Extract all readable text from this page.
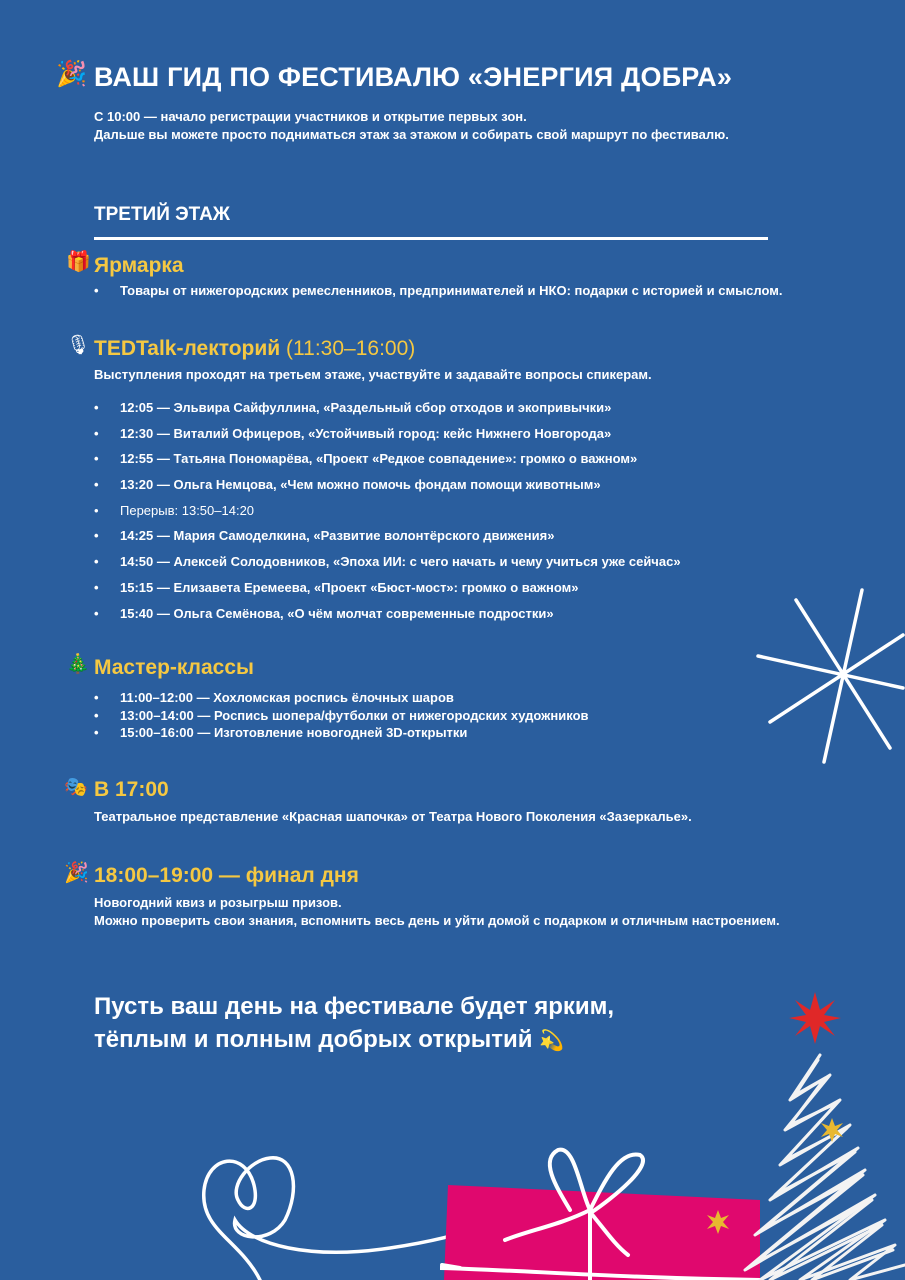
🎉 ВАШ ГИД ПО ФЕСТИВАЛЮ «ЭНЕРГИЯ ДОБРА»
С 10:00 — начало регистрации участников и открытие первых зон.
Дальше вы можете просто подниматься этаж за этажом и собирать свой маршрут по фестивалю.
ТРЕТИЙ ЭТАЖ
🎁 Ярмарка
• Товары от нижегородских ремесленников, предпринимателей и НКО: подарки с историей и смыслом.
🎙 TEDTalk-лекторий (11:30–16:00)
Выступления проходят на третьем этаже, участвуйте и задавайте вопросы спикерам.
• 12:05 — Эльвира Сайфуллина, «Раздельный сбор отходов и экопривычки»
• 12:30 — Виталий Офицеров, «Устойчивый город: кейс Нижнего Новгорода»
• 12:55 — Татьяна Пономарёва, «Проект «Редкое совпадение»: громко о важном»
• 13:20 — Ольга Немцова, «Чем можно помочь фондам помощи животным»
• Перерыв: 13:50–14:20
• 14:25 — Мария Самоделкина, «Развитие волонтёрского движения»
• 14:50 — Алексей Солодовников, «Эпоха ИИ: с чего начать и чему учиться уже сейчас»
• 15:15 — Елизавета Еремеева, «Проект «Бюст-мост»: громко о важном»
• 15:40 — Ольга Семёнова, «О чём молчат современные подростки»
🎄 Мастер-классы
• 11:00–12:00 — Хохломская роспись ёлочных шаров
• 13:00–14:00 — Роспись шопера/футболки от нижегородских художников
• 15:00–16:00 — Изготовление новогодней 3D-открытки
🎭 В 17:00
Театральное представление «Красная шапочка» от Театра Нового Поколения «Зазеркалье».
🎉 18:00–19:00 — финал дня
Новогодний квиз и розыгрыш призов.
Можно проверить свои знания, вспомнить весь день и уйти домой с подарком и отличным настроением.
Пусть ваш день на фестивале будет ярким,
тёплым и полным добрых открытий 💫
